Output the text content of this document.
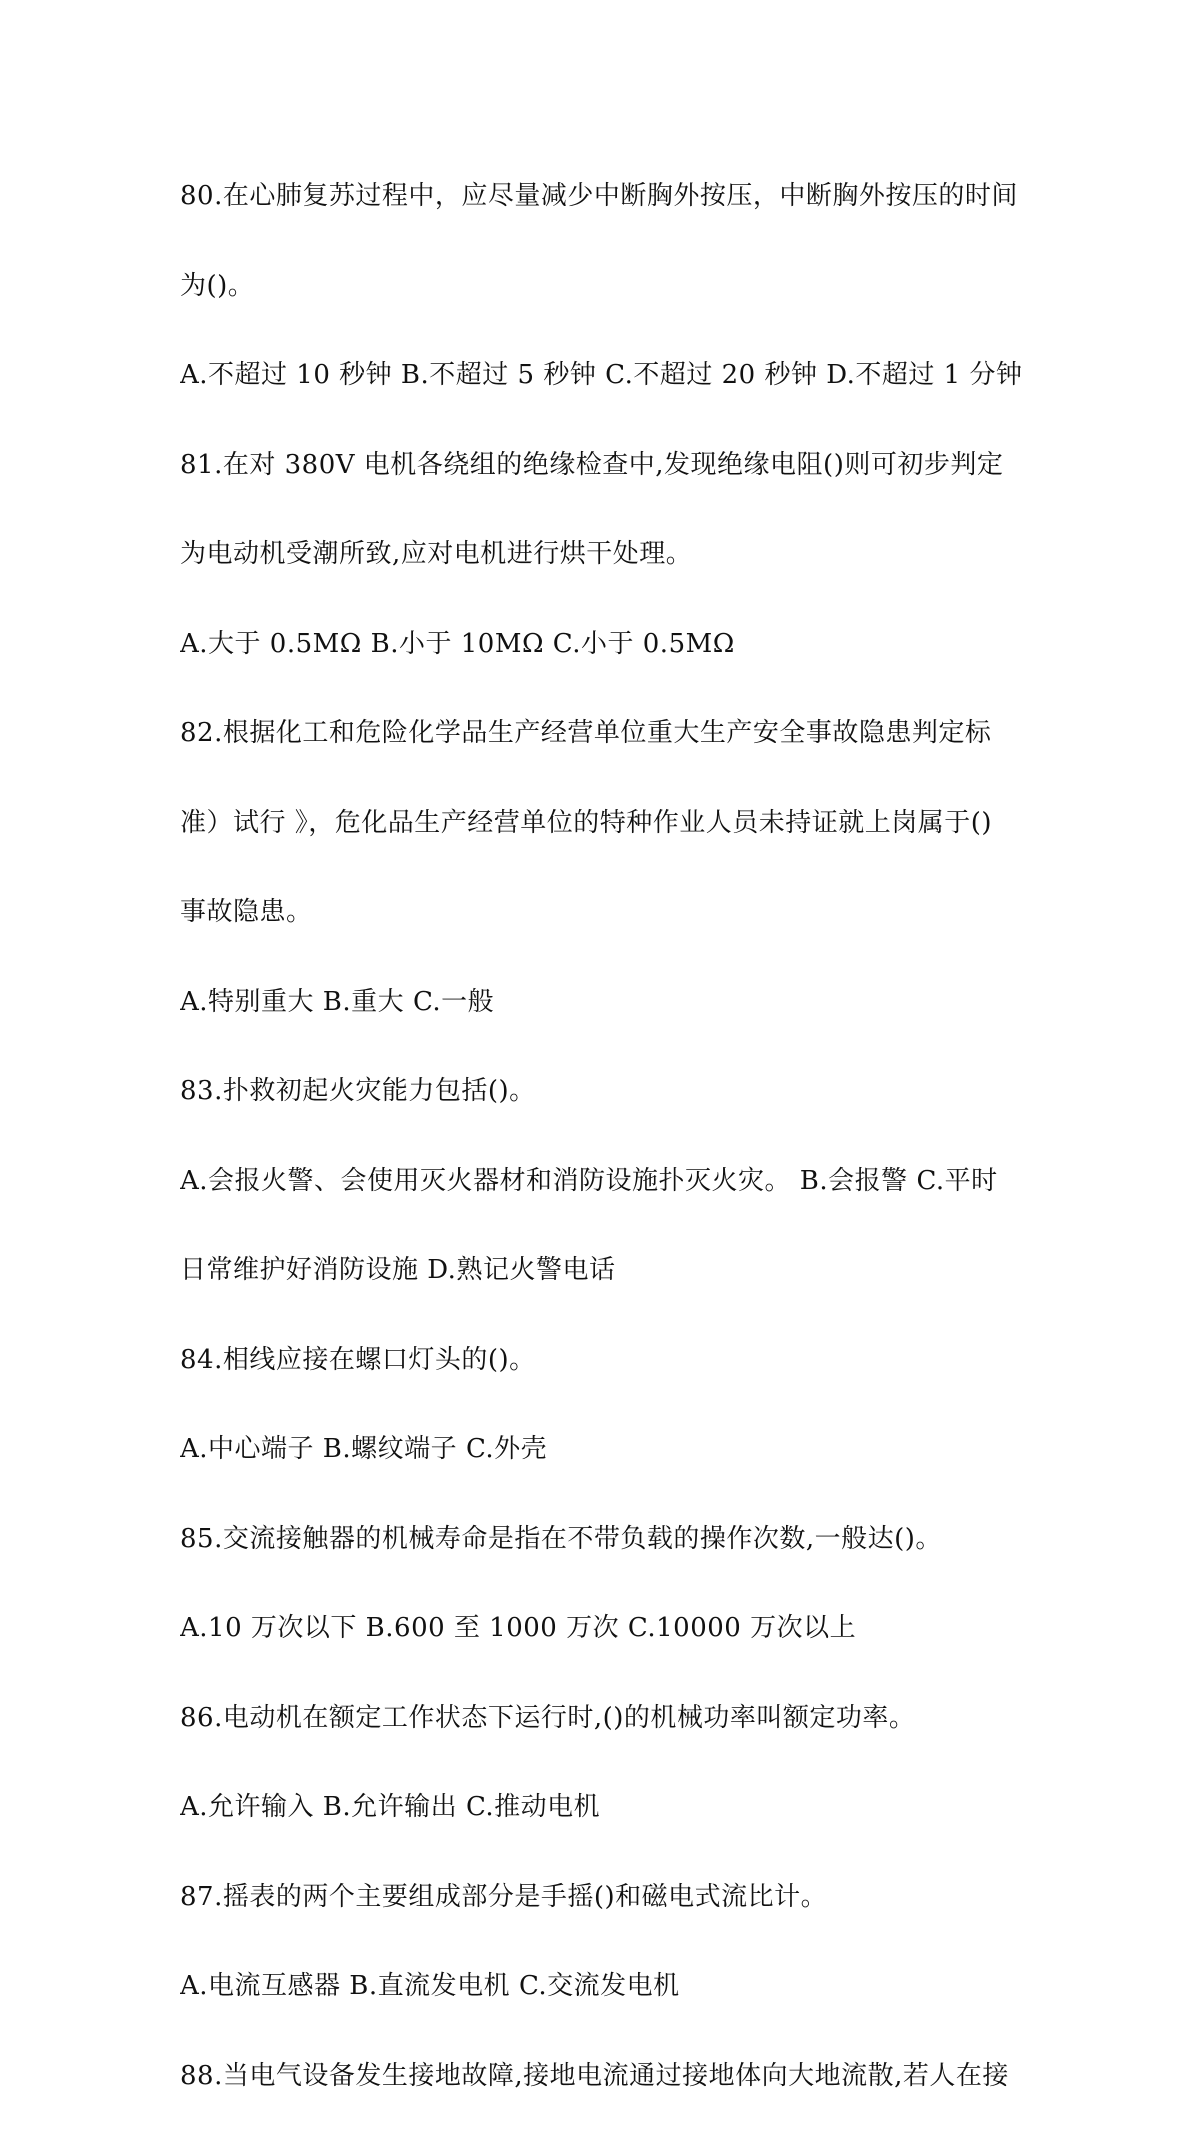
80.在心肺复苏过程中，应尽量减少中断胸外按压，中断胸外按压的时间

为()。

A.不超过 10 秒钟 B.不超过 5 秒钟 C.不超过 20 秒钟 D.不超过 1 分钟

81.在对 380V 电机各绕组的绝缘检查中,发现绝缘电阻()则可初步判定

为电动机受潮所致,应对电机进行烘干处理。

A.大于 0.5MΩ B.小于 10MΩ C.小于 0.5MΩ

82.根据化工和危险化学品生产经营单位重大生产安全事故隐患判定标

准）试行 》，危化品生产经营单位的特种作业人员未持证就上岗属于()

事故隐患。

A.特别重大 B.重大 C.一般

83.扑救初起火灾能力包括()。

A.会报火警、会使用灭火器材和消防设施扑灭火灾。 B.会报警 C.平时

日常维护好消防设施 D.熟记火警电话

84.相线应接在螺口灯头的()。

A.中心端子 B.螺纹端子 C.外壳

85.交流接触器的机械寿命是指在不带负载的操作次数,一般达()。

A.10 万次以下 B.600 至 1000 万次 C.10000 万次以上

86.电动机在额定工作状态下运行时,()的机械功率叫额定功率。

A.允许输入 B.允许输出 C.推动电机

87.摇表的两个主要组成部分是手摇()和磁电式流比计。

A.电流互感器 B.直流发电机 C.交流发电机

88.当电气设备发生接地故障,接地电流通过接地体向大地流散,若人在接
